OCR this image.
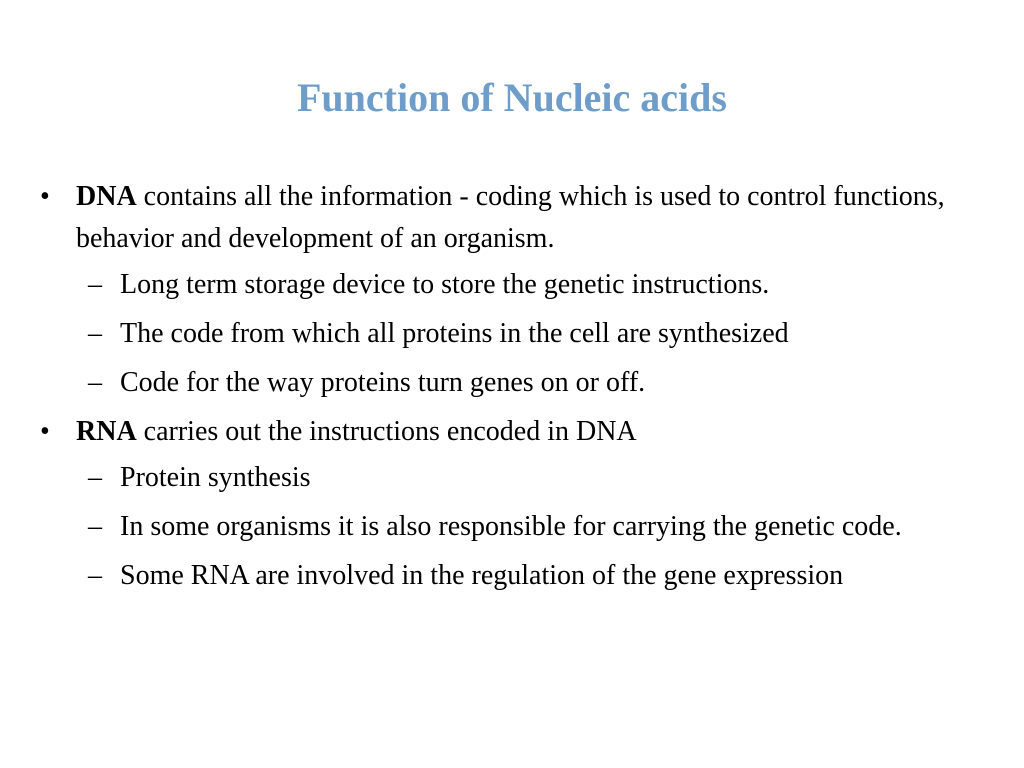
Function of Nucleic acids
• DNA contains all the information - coding which is used to control functions, behavior and development of an organism.
– Long term storage device to store the genetic instructions.
– The code from which all proteins in the cell are synthesized
– Code for the way proteins turn genes on or off.
• RNA carries out the instructions encoded in DNA
– Protein synthesis
– In some organisms it is also responsible for carrying the genetic code.
– Some RNA are involved in the regulation of the gene expression
